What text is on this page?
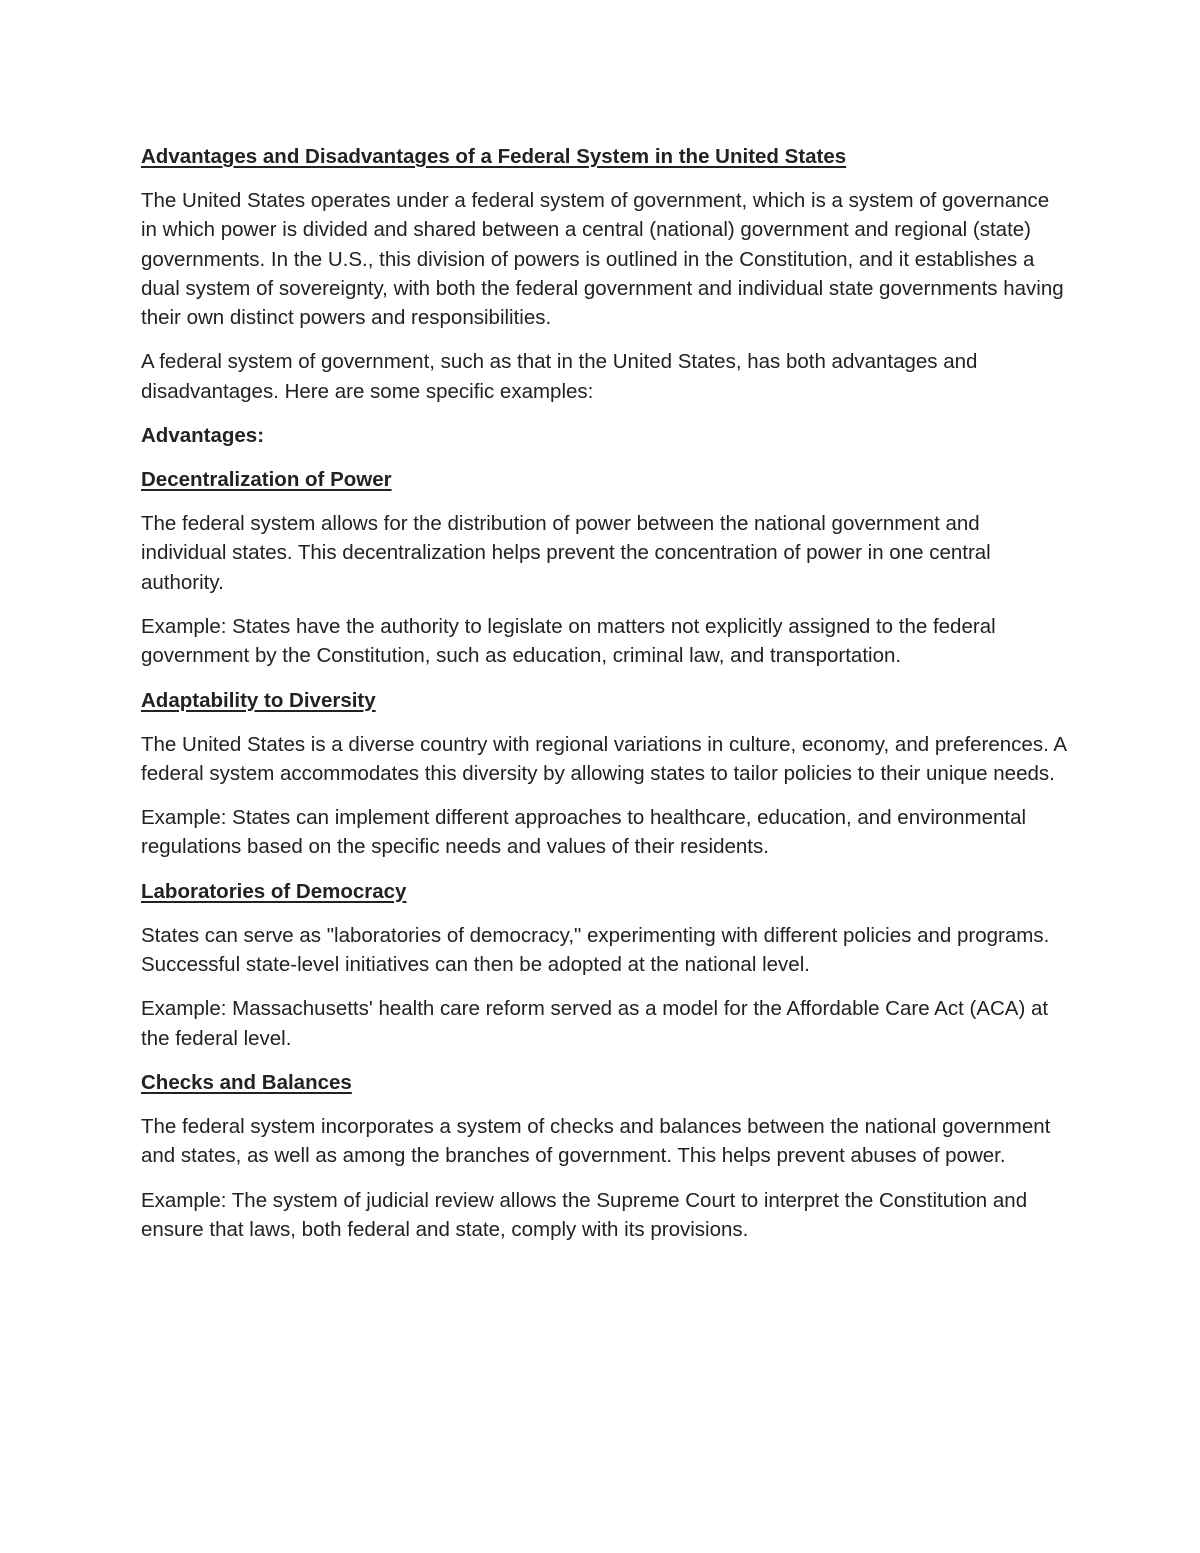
Advantages and Disadvantages of a Federal System in the United States

The United States operates under a federal system of government, which is a system of governance in which power is divided and shared between a central (national) government and regional (state) governments. In the U.S., this division of powers is outlined in the Constitution, and it establishes a dual system of sovereignty, with both the federal government and individual state governments having their own distinct powers and responsibilities.

A federal system of government, such as that in the United States, has both advantages and disadvantages. Here are some specific examples:

Advantages:
Decentralization of Power

The federal system allows for the distribution of power between the national government and individual states. This decentralization helps prevent the concentration of power in one central authority.

Example: States have the authority to legislate on matters not explicitly assigned to the federal government by the Constitution, such as education, criminal law, and transportation.

Adaptability to Diversity

The United States is a diverse country with regional variations in culture, economy, and preferences. A federal system accommodates this diversity by allowing states to tailor policies to their unique needs.

Example: States can implement different approaches to healthcare, education, and environmental regulations based on the specific needs and values of their residents.

Laboratories of Democracy

States can serve as "laboratories of democracy," experimenting with different policies and programs. Successful state-level initiatives can then be adopted at the national level.

Example: Massachusetts' health care reform served as a model for the Affordable Care Act (ACA) at the federal level.

Checks and Balances

The federal system incorporates a system of checks and balances between the national government and states, as well as among the branches of government. This helps prevent abuses of power.

Example: The system of judicial review allows the Supreme Court to interpret the Constitution and ensure that laws, both federal and state, comply with its provisions.
